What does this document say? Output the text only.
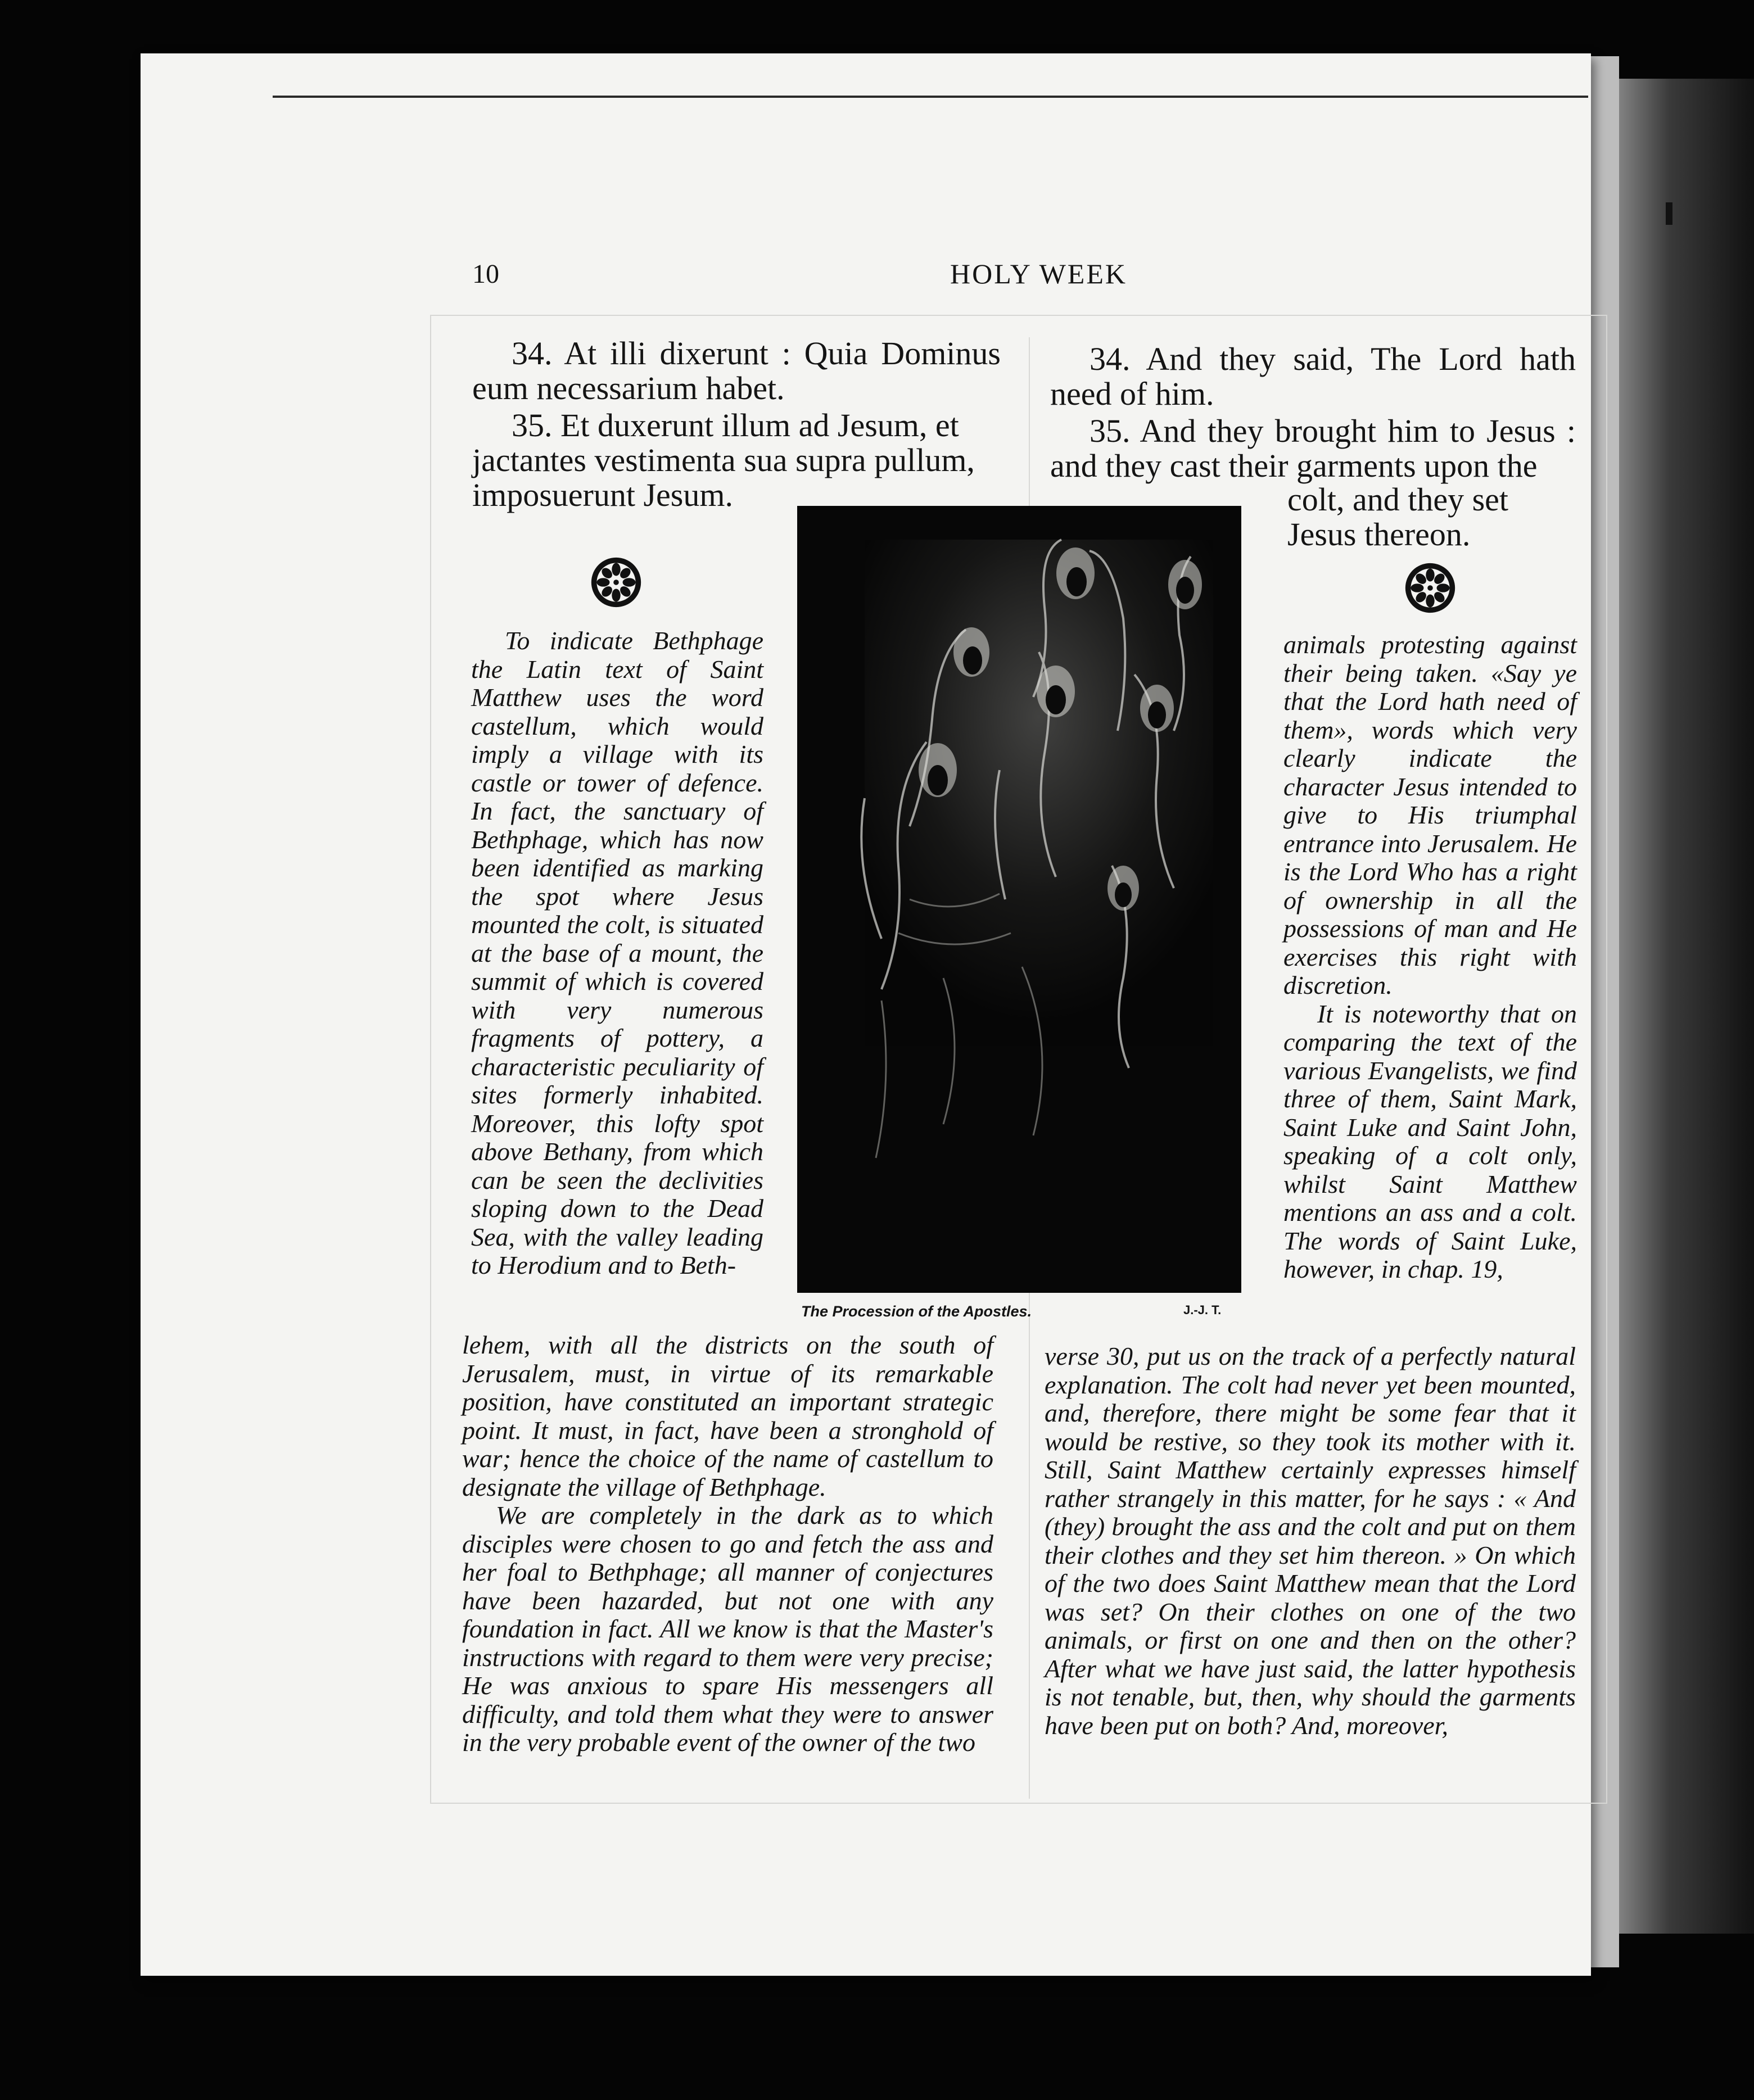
10	HOLY WEEK

34. At illi dixerunt : Quia Dominus eum necessarium habet.

35. Et duxerunt illum ad Jesum, et jactantes vestimenta sua supra pullum, imposuerunt Jesum.

34. And they said, The Lord hath need of him.

35. And they brought him to Jesus : and they cast their garments upon the

colt, and they set Jesus thereon.

The Procession of the Apostles.	J.-J. T.

To indicate Bethphage the Latin text of Saint Matthew uses the word castellum, which would imply a village with its castle or tower of defence. In fact, the sanctuary of Bethphage, which has now been identified as marking the spot where Jesus mounted the colt, is situated at the base of a mount, the summit of which is covered with very numerous fragments of pottery, a characteristic peculiarity of sites formerly inhabited. Moreover, this lofty spot above Bethany, from which can be seen the declivities sloping down to the Dead Sea, with the valley leading to Herodium and to Beth-

lehem, with all the districts on the south of Jerusalem, must, in virtue of its remarkable position, have constituted an important strategic point. It must, in fact, have been a stronghold of war; hence the choice of the name of castellum to designate the village of Bethphage.

We are completely in the dark as to which disciples were chosen to go and fetch the ass and her foal to Bethphage; all manner of conjectures have been hazarded, but not one with any foundation in fact. All we know is that the Master's instructions with regard to them were very precise; He was anxious to spare His messengers all difficulty, and told them what they were to answer in the very probable event of the owner of the two

animals protesting against their being taken. «Say ye that the Lord hath need of them», words which very clearly indicate the character Jesus intended to give to His triumphal entrance into Jerusalem. He is the Lord Who has a right of ownership in all the possessions of man and He exercises this right with discretion.

It is noteworthy that on comparing the text of the various Evangelists, we find three of them, Saint Mark, Saint Luke and Saint John, speaking of a colt only, whilst Saint Matthew mentions an ass and a colt. The words of Saint Luke, however, in chap. 19,

verse 30, put us on the track of a perfectly natural explanation. The colt had never yet been mounted, and, therefore, there might be some fear that it would be restive, so they took its mother with it. Still, Saint Matthew certainly expresses himself rather strangely in this matter, for he says : « And (they) brought the ass and the colt and put on them their clothes and they set him thereon. » On which of the two does Saint Matthew mean that the Lord was set? On their clothes on one of the two animals, or first on one and then on the other? After what we have just said, the latter hypothesis is not tenable, but, then, why should the garments have been put on both? And, moreover,
